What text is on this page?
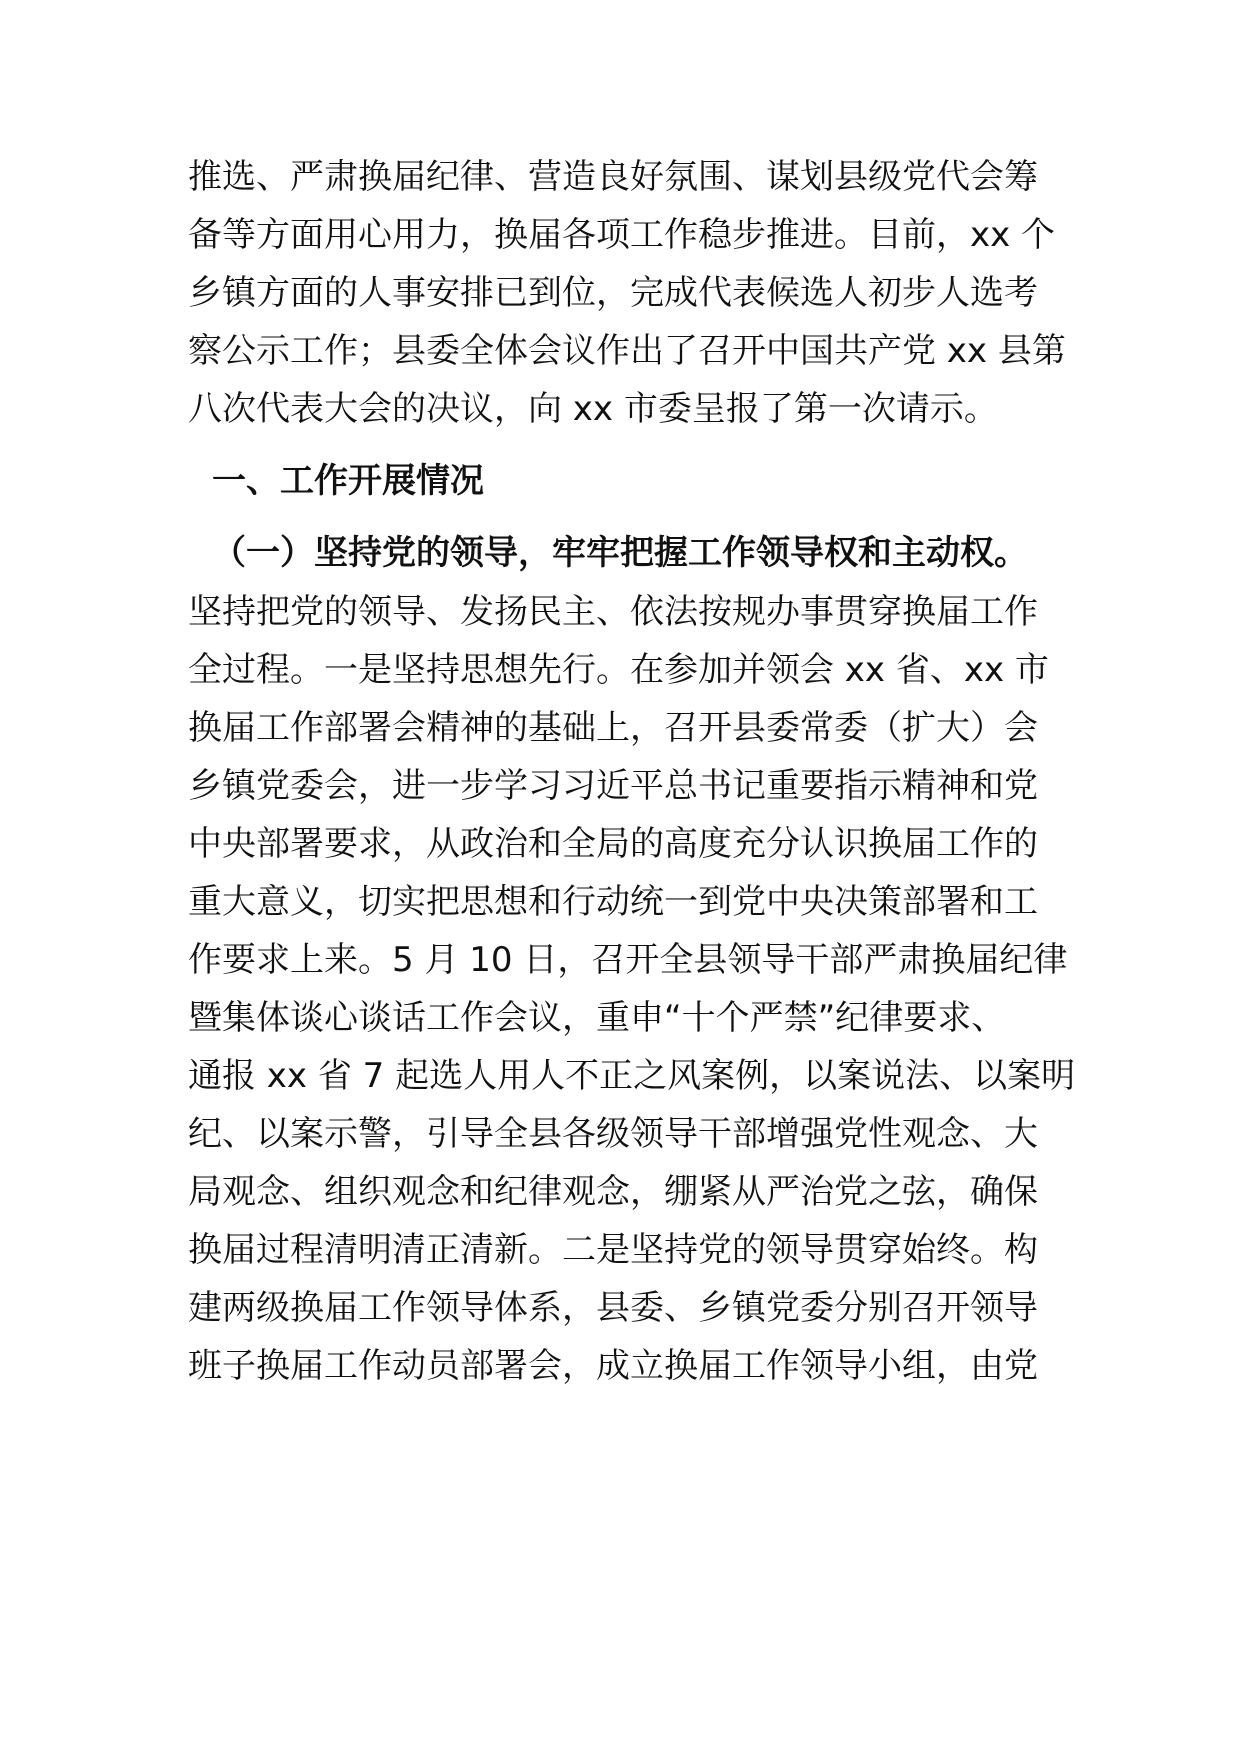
推选、严肃换届纪律、营造良好氛围、谋划县级党代会筹
备等方面用心用力，换届各项工作稳步推进。目前，xx 个
乡镇方面的人事安排已到位，完成代表候选人初步人选考
察公示工作；县委全体会议作出了召开中国共产党 xx 县第
八次代表大会的决议，向 xx 市委呈报了第一次请示。
一、工作开展情况
（一）坚持党的领导，牢牢把握工作领导权和主动权。
坚持把党的领导、发扬民主、依法按规办事贯穿换届工作
全过程。一是坚持思想先行。在参加并领会 xx 省、xx 市
换届工作部署会精神的基础上，召开县委常委（扩大）会
乡镇党委会，进一步学习习近平总书记重要指示精神和党
中央部署要求，从政治和全局的高度充分认识换届工作的
重大意义，切实把思想和行动统一到党中央决策部署和工
作要求上来。5 月 10 日，召开全县领导干部严肃换届纪律
暨集体谈心谈话工作会议，重申“十个严禁”纪律要求、
通报 xx 省 7 起选人用人不正之风案例，以案说法、以案明
纪、以案示警，引导全县各级领导干部增强党性观念、大
局观念、组织观念和纪律观念，绷紧从严治党之弦，确保
换届过程清明清正清新。二是坚持党的领导贯穿始终。构
建两级换届工作领导体系，县委、乡镇党委分别召开领导
班子换届工作动员部署会，成立换届工作领导小组，由党
